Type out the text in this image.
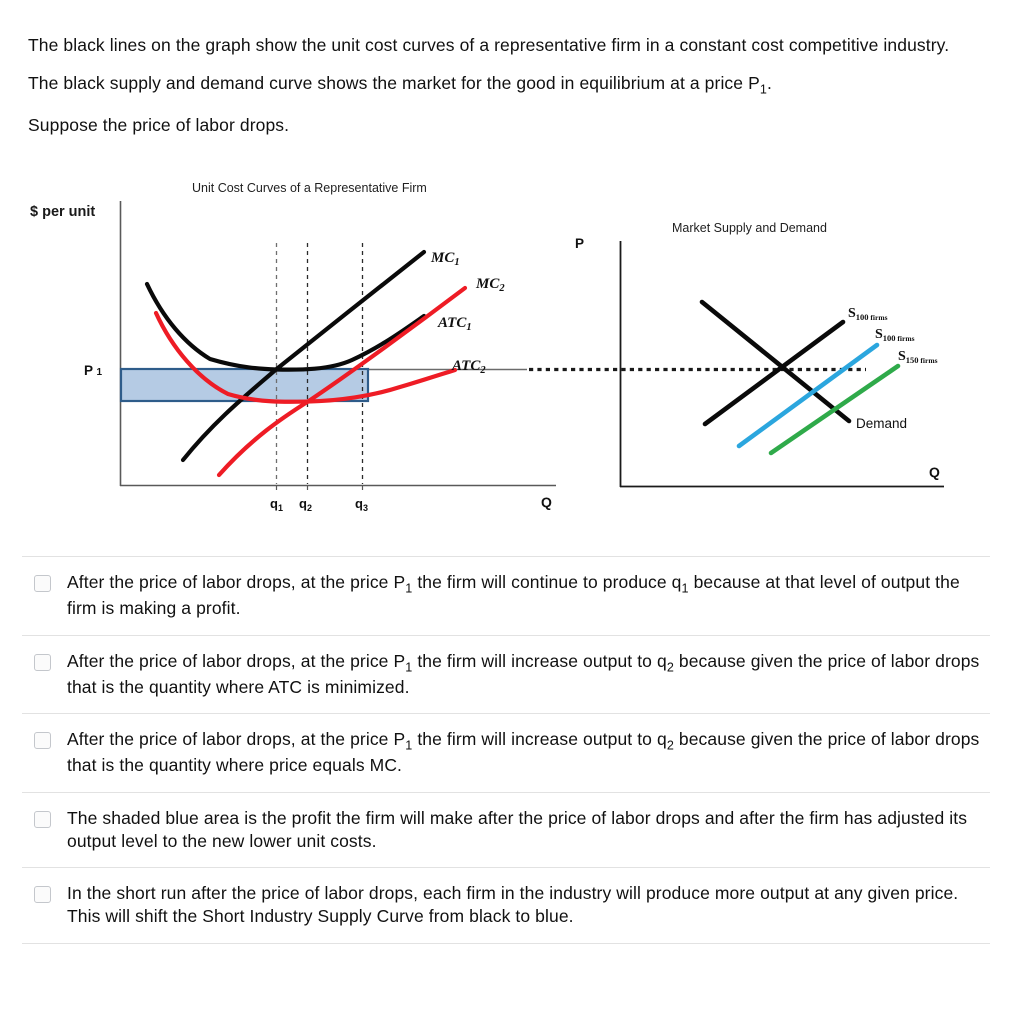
The black lines on the graph show the unit cost curves of a representative firm in a constant cost competitive industry.

The black supply and demand curve shows the market for the good in equilibrium at a price $P_1$.

Suppose the price of labor drops.

Unit Cost Curves of a Representative Firm
$ per unit
$MC_1$
$MC_2$
$ATC_1$
$ATC_2$
P 1
$q_1$ $q_2$	$q_3$	Q
Market Supply and Demand
P
$S_{100}$ firms
$S_{100}$ firms
$S_{150}$ firms
Demand
Q
After the price of labor drops, at the price $P_1$ the firm will continue to produce $q_1$ because at that level of output the firm is making a profit.
After the price of labor drops, at the price $P_1$ the firm will increase output to $q_2$ because given the price of labor drops that is the quantity where ATC is minimized.
After the price of labor drops, at the price $P_1$ the firm will increase output to $q_2$ because given the price of labor drops that is the quantity where price equals MC.
The shaded blue area is the profit the firm will make after the price of labor drops and after the firm has adjusted its output level to the new lower unit costs.
In the short run after the price of labor drops, each firm in the industry will produce more output at any given price. This will shift the Short Industry Supply Curve from black to blue.
